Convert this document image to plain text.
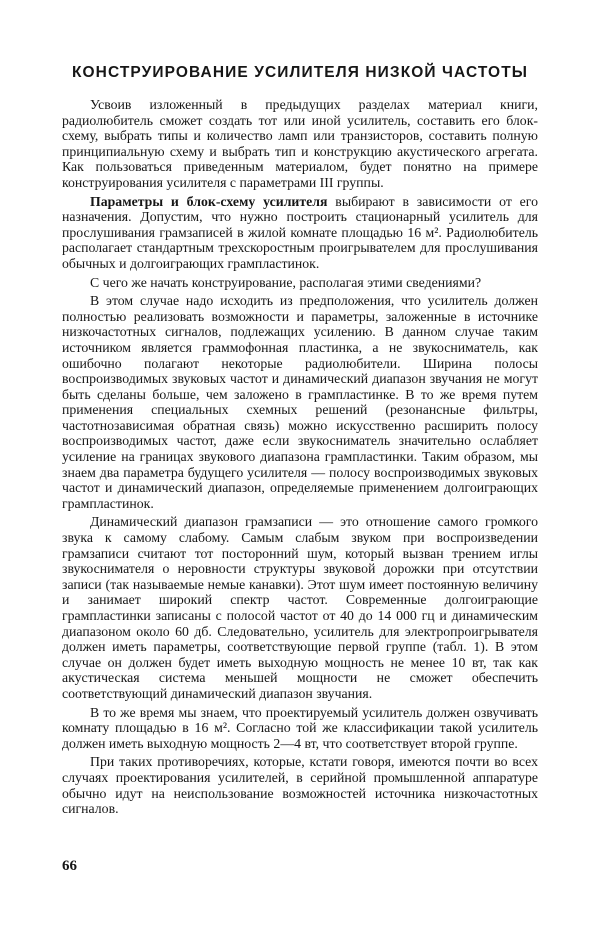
КОНСТРУИРОВАНИЕ УСИЛИТЕЛЯ НИЗКОЙ ЧАСТОТЫ

Усвоив изложенный в предыдущих разделах материал книги, радиолюбитель сможет создать тот или иной усилитель, составить его блок-схему, выбрать типы и количество ламп или транзисторов, составить полную принципиальную схему и выбрать тип и конструкцию акустического агрегата. Как пользоваться приведенным материалом, будет понятно на примере конструирования усилителя с параметрами III группы.

Параметры и блок-схему усилителя выбирают в зависимости от его назначения. Допустим, что нужно построить стационарный усилитель для прослушивания грамзаписей в жилой комнате площадью 16 м². Радиолюбитель располагает стандартным трехскоростным проигрывателем для прослушивания обычных и долгоиграющих грампластинок.

С чего же начать конструирование, располагая этими сведениями?

В этом случае надо исходить из предположения, что усилитель должен полностью реализовать возможности и параметры, заложенные в источнике низкочастотных сигналов, подлежащих усилению. В данном случае таким источником является граммофонная пластинка, а не звукосниматель, как ошибочно полагают некоторые радиолюбители. Ширина полосы воспроизводимых звуковых частот и динамический диапазон звучания не могут быть сделаны больше, чем заложено в грампластинке. В то же время путем применения специальных схемных решений (резонансные фильтры, частотнозависимая обратная связь) можно искусственно расширить полосу воспроизводимых частот, даже если звукосниматель значительно ослабляет усиление на границах звукового диапазона грампластинки. Таким образом, мы знаем два параметра будущего усилителя — полосу воспроизводимых звуковых частот и динамический диапазон, определяемые применением долгоиграющих грампластинок.

Динамический диапазон грамзаписи — это отношение самого громкого звука к самому слабому. Самым слабым звуком при воспроизведении грамзаписи считают тот посторонний шум, который вызван трением иглы звукоснимателя о неровности структуры звуковой дорожки при отсутствии записи (так называемые немые канавки). Этот шум имеет постоянную величину и занимает широкий спектр частот. Современные долгоиграющие грампластинки записаны с полосой частот от 40 до 14 000 гц и динамическим диапазоном около 60 дб. Следовательно, усилитель для электропроигрывателя должен иметь параметры, соответствующие первой группе (табл. 1). В этом случае он должен будет иметь выходную мощность не менее 10 вт, так как акустическая система меньшей мощности не сможет обеспечить соответствующий динамический диапазон звучания.

В то же время мы знаем, что проектируемый усилитель должен озвучивать комнату площадью в 16 м². Согласно той же классификации такой усилитель должен иметь выходную мощность 2—4 вт, что соответствует второй группе.

При таких противоречиях, которые, кстати говоря, имеются почти во всех случаях проектирования усилителей, в серийной промышленной аппаратуре обычно идут на неиспользование возможностей источника низкочастотных сигналов.

66
